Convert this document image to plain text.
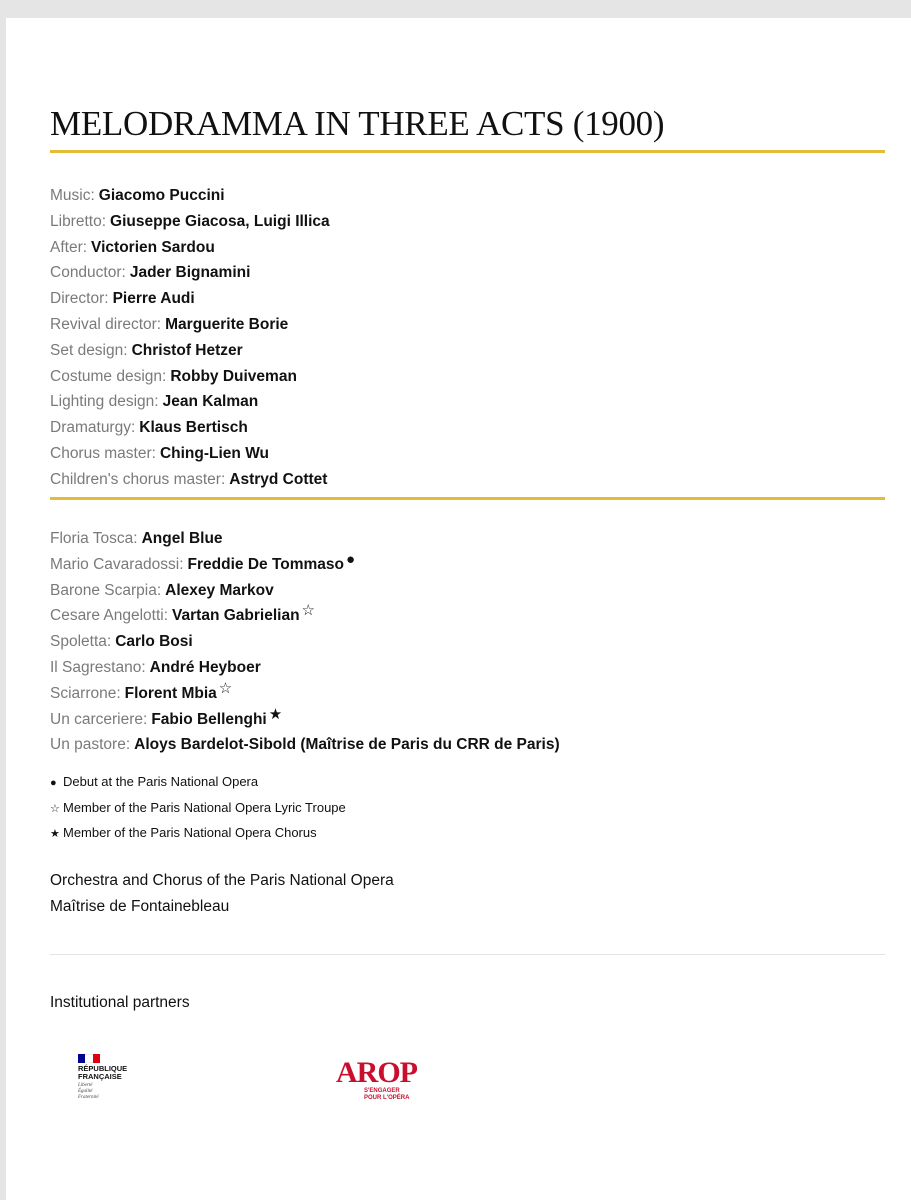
MELODRAMMA IN THREE ACTS (1900)
Music: Giacomo Puccini
Libretto: Giuseppe Giacosa, Luigi Illica
After: Victorien Sardou
Conductor: Jader Bignamini
Director: Pierre Audi
Revival director: Marguerite Borie
Set design: Christof Hetzer
Costume design: Robby Duiveman
Lighting design: Jean Kalman
Dramaturgy: Klaus Bertisch
Chorus master: Ching-Lien Wu
Children's chorus master: Astryd Cottet
Floria Tosca: Angel Blue
Mario Cavaradossi: Freddie De Tommaso ●
Barone Scarpia: Alexey Markov
Cesare Angelotti: Vartan Gabrielian ☆
Spoletta: Carlo Bosi
Il Sagrestano: André Heyboer
Sciarrone: Florent Mbia ☆
Un carceriere: Fabio Bellenghi ★
Un pastore: Aloys Bardelot-Sibold (Maîtrise de Paris du CRR de Paris)
● Debut at the Paris National Opera
☆ Member of the Paris National Opera Lyric Troupe
★ Member of the Paris National Opera Chorus
Orchestra and Chorus of the Paris National Opera
Maîtrise de Fontainebleau
Institutional partners
RÉPUBLIQUE
FRANÇAISE
Liberté
Égalité
Fraternité
AROP
S'ENGAGER
POUR L'OPÉRA
